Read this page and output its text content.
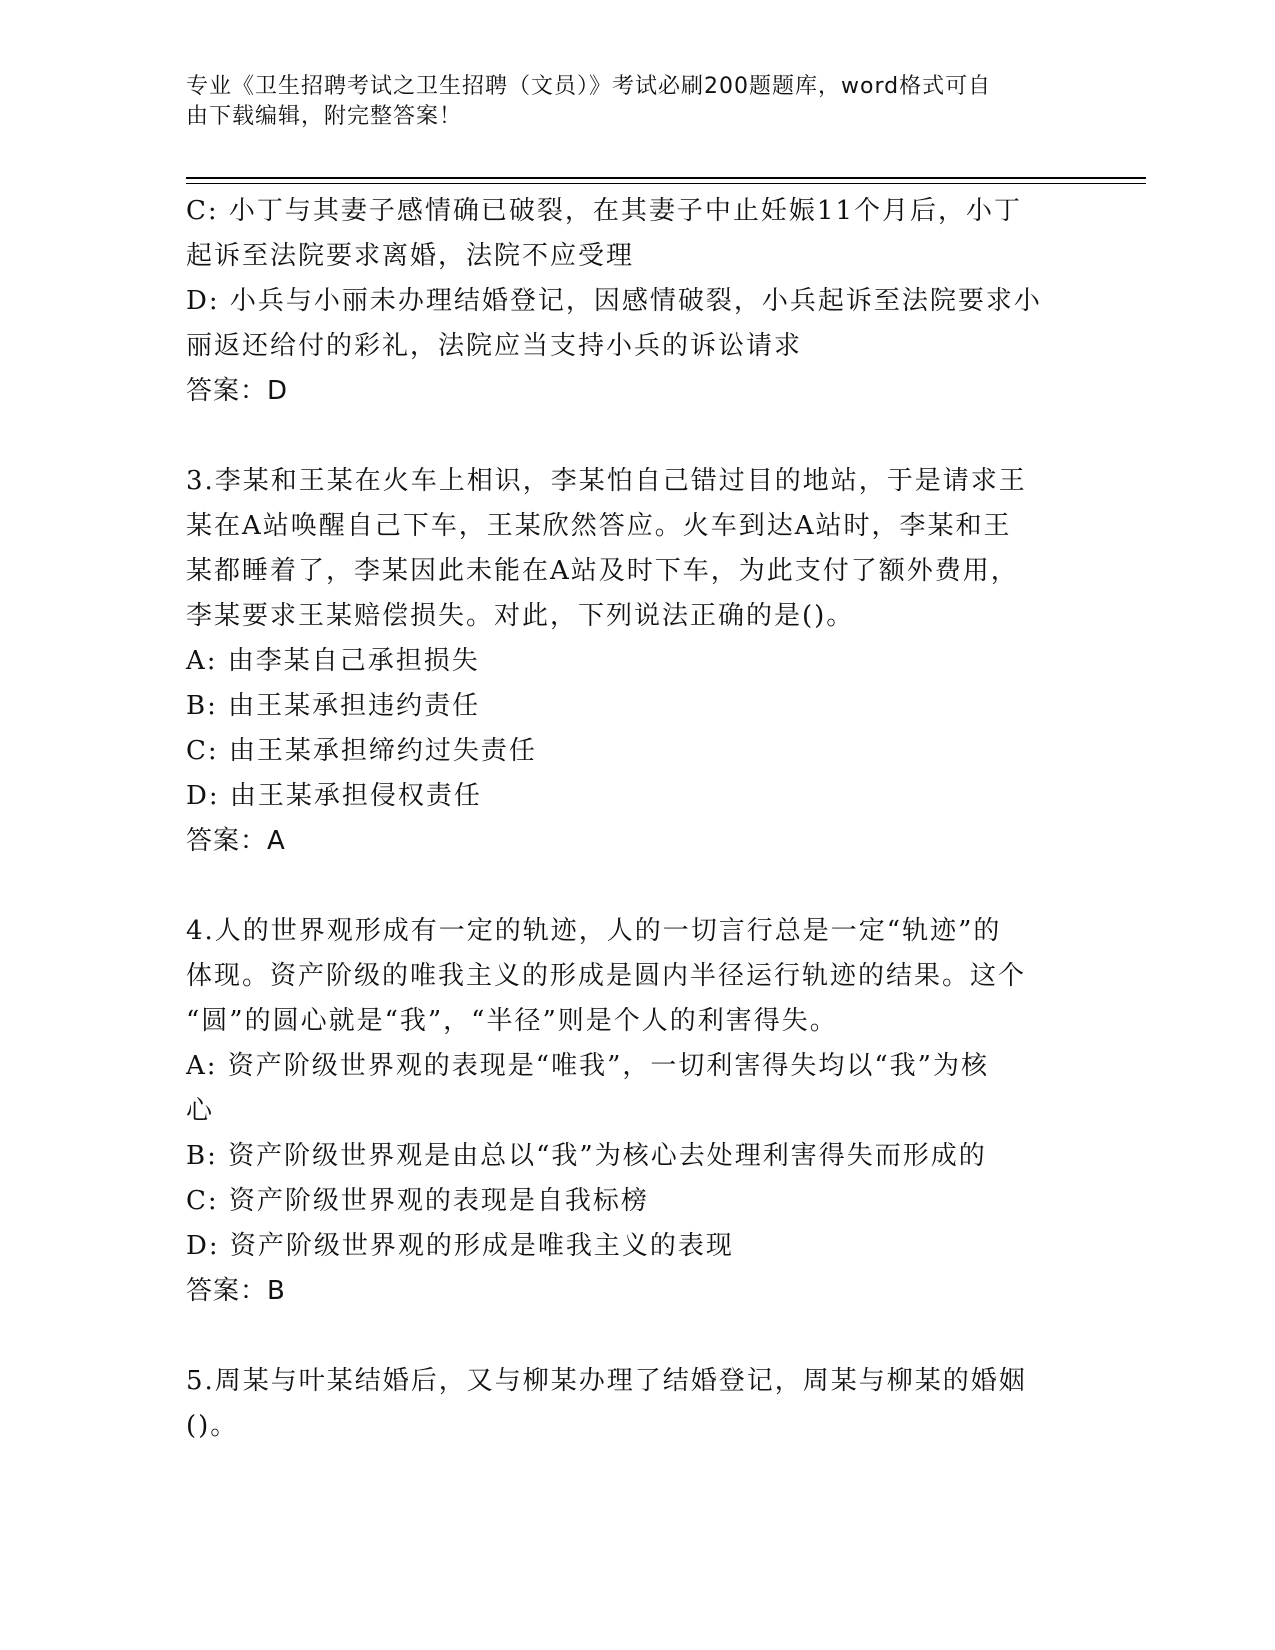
专业《卫生招聘考试之卫生招聘（文员）》考试必刷200题题库，word格式可自
由下载编辑，附完整答案！
C: 小丁与其妻子感情确已破裂，在其妻子中止妊娠11个月后，小丁
起诉至法院要求离婚，法院不应受理
D: 小兵与小丽未办理结婚登记，因感情破裂，小兵起诉至法院要求小
丽返还给付的彩礼，法院应当支持小兵的诉讼请求
答案：D
3.李某和王某在火车上相识，李某怕自己错过目的地站，于是请求王
某在A站唤醒自己下车，王某欣然答应。火车到达A站时，李某和王
某都睡着了，李某因此未能在A站及时下车，为此支付了额外费用，
李某要求王某赔偿损失。对此，下列说法正确的是()。
A: 由李某自己承担损失
B: 由王某承担违约责任
C: 由王某承担缔约过失责任
D: 由王某承担侵权责任
答案：A
4.人的世界观形成有一定的轨迹，人的一切言行总是一定“轨迹”的
体现。资产阶级的唯我主义的形成是圆内半径运行轨迹的结果。这个
“圆”的圆心就是“我”，“半径”则是个人的利害得失。
A: 资产阶级世界观的表现是“唯我”，一切利害得失均以“我”为核
心
B: 资产阶级世界观是由总以“我”为核心去处理利害得失而形成的
C: 资产阶级世界观的表现是自我标榜
D: 资产阶级世界观的形成是唯我主义的表现
答案：B
5.周某与叶某结婚后，又与柳某办理了结婚登记，周某与柳某的婚姻
()。
